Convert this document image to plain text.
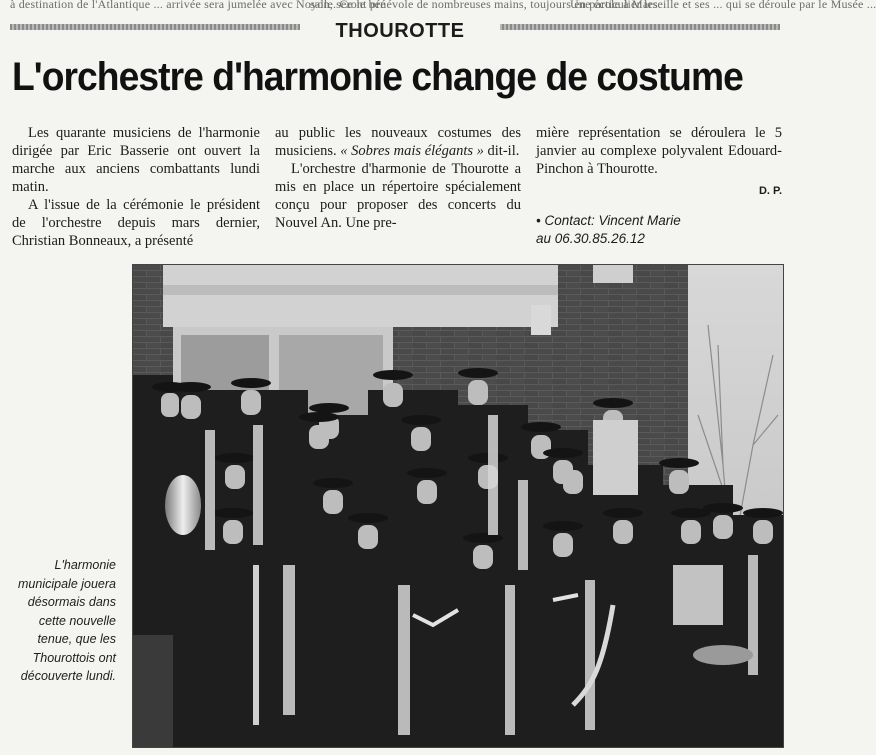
à destination de l'Atlantique ... arrivée sera jumelée avec Noyon, seront pré
salle. Ce le bénévole de nombreuses mains, toujours en particulier les
Une école à Marseille et ses ... qui se déroule par le Musée ...
THOUROTTE
L'orchestre d'harmonie change de costume

Les quarante musiciens de l'harmonie dirigée par Eric Basserie ont ouvert la marche aux anciens combattants lundi matin.

A l'issue de la cérémonie le président de l'orchestre depuis mars dernier, Christian Bonneaux, a présenté

au public les nouveaux costumes des musiciens. « Sobres mais élégants » dit-il.

L'orchestre d'harmonie de Thourotte a mis en place un répertoire spécialement conçu pour proposer des concerts du Nouvel An. Une pre-

mière représentation se déroulera le 5 janvier au complexe polyvalent Edouard-Pinchon à Thourotte.

D. P.
• Contact: Vincent Marie
au 06.30.85.26.12
L'harmonie municipale jouera désormais dans cette nouvelle tenue, que les Thourottois ont découverte lundi.
